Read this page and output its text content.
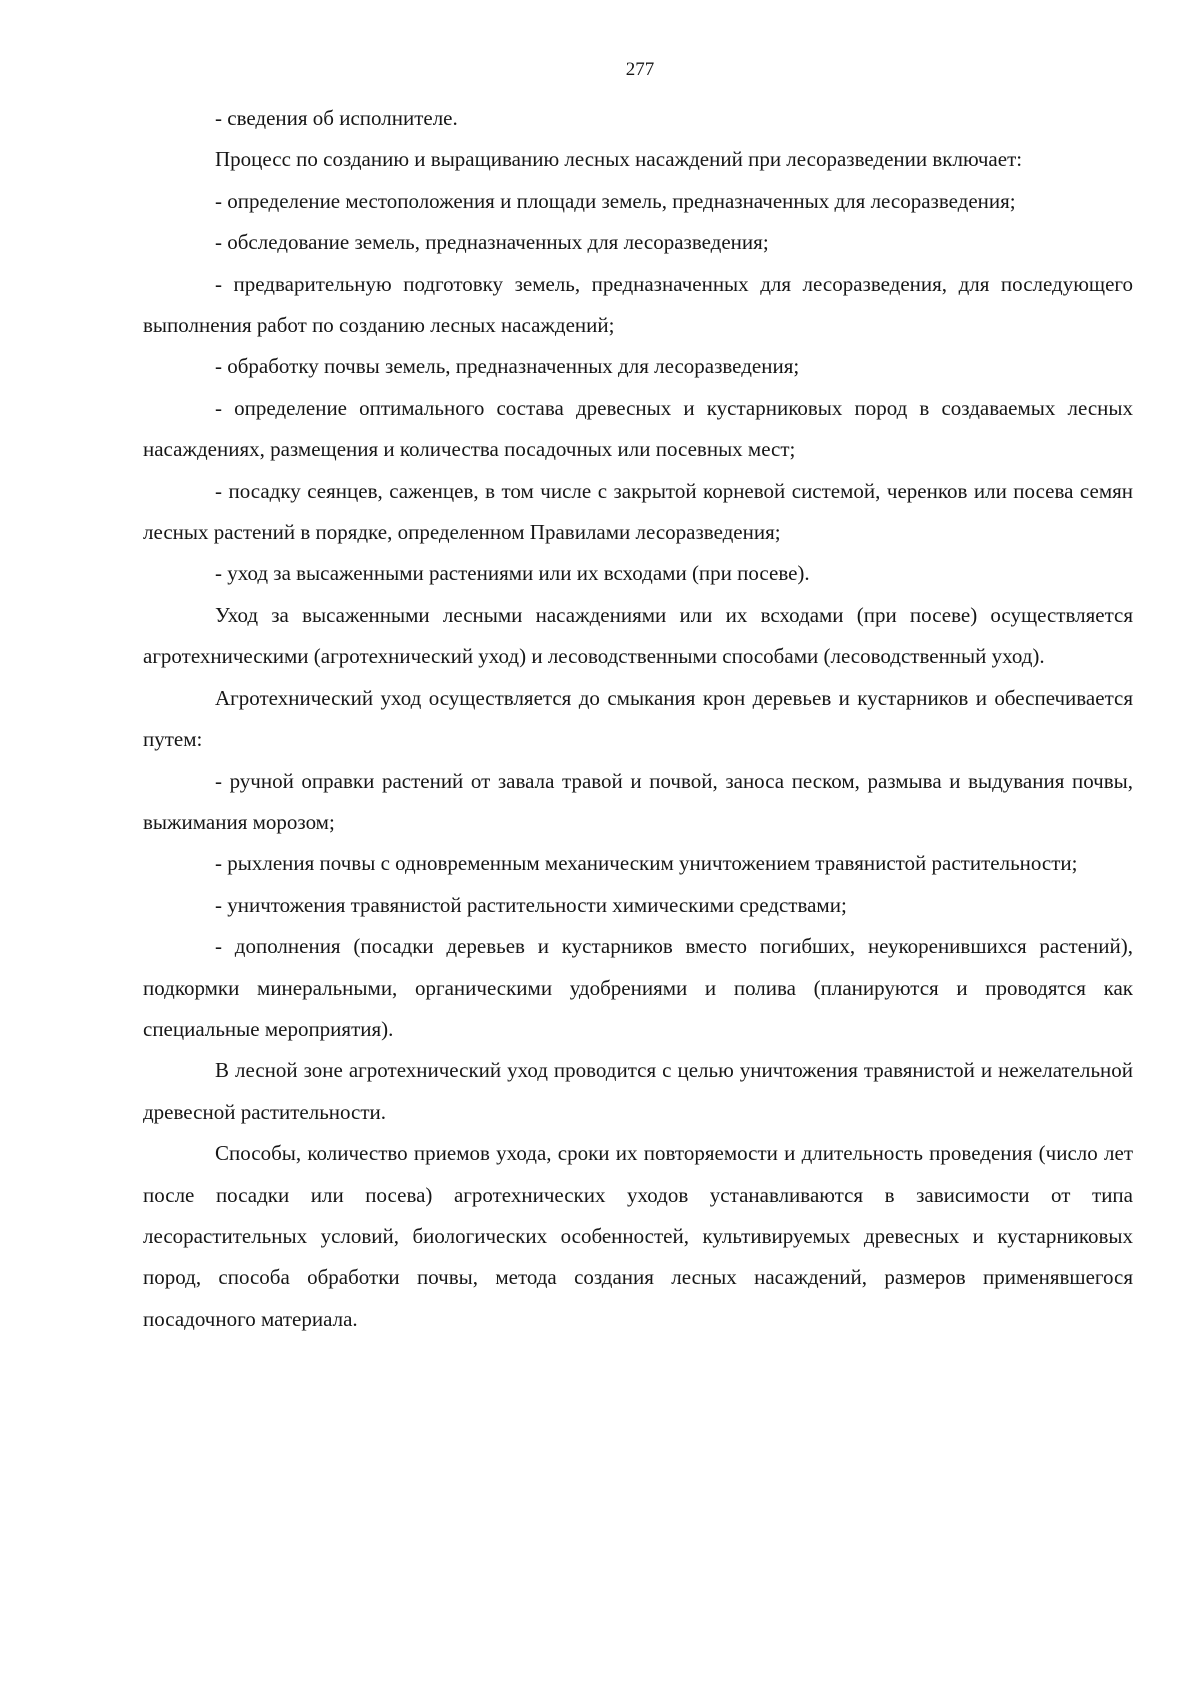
277

- сведения об исполнителе.

Процесс по созданию и выращиванию лесных насаждений при лесоразведении включает:

- определение местоположения и площади земель, предназначенных для лесоразведения;

- обследование земель, предназначенных для лесоразведения;

- предварительную подготовку земель, предназначенных для лесоразведения, для последующего выполнения работ по созданию лесных насаждений;

- обработку почвы земель, предназначенных для лесоразведения;

- определение оптимального состава древесных и кустарниковых пород в создаваемых лесных насаждениях, размещения и количества посадочных или посевных мест;

- посадку сеянцев, саженцев, в том числе с закрытой корневой системой, черенков или посева семян лесных растений в порядке, определенном Правилами лесоразведения;

- уход за высаженными растениями или их всходами (при посеве).

Уход за высаженными лесными насаждениями или их всходами (при посеве) осуществляется агротехническими (агротехнический уход) и лесоводственными способами (лесоводственный уход).

Агротехнический уход осуществляется до смыкания крон деревьев и кустарников и обеспечивается путем:

- ручной оправки растений от завала травой и почвой, заноса песком, размыва и выдувания почвы, выжимания морозом;

- рыхления почвы с одновременным механическим уничтожением травянистой растительности;

- уничтожения травянистой растительности химическими средствами;

- дополнения (посадки деревьев и кустарников вместо погибших, неукоренившихся растений), подкормки минеральными, органическими удобрениями и полива (планируются и проводятся как специальные мероприятия).

В лесной зоне агротехнический уход проводится с целью уничтожения травянистой и нежелательной древесной растительности.

Способы, количество приемов ухода, сроки их повторяемости и длительность проведения (число лет после посадки или посева) агротехнических уходов устанавливаются в зависимости от типа лесорастительных условий, биологических особенностей, культивируемых древесных и кустарниковых пород, способа обработки почвы, метода создания лесных насаждений, размеров применявшегося посадочного материала.
